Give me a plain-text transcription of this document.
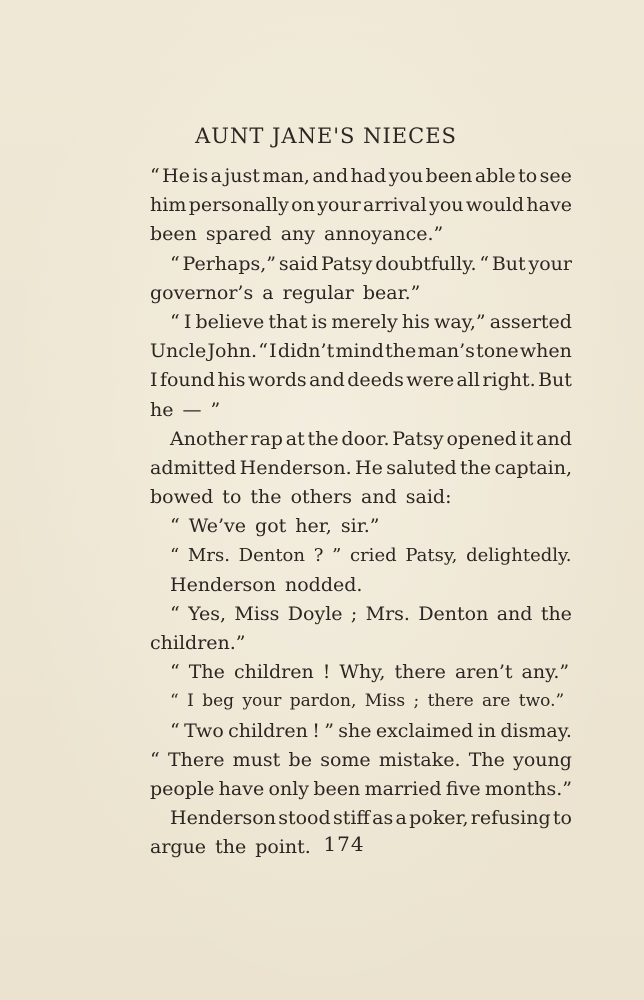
AUNT JANE'S NIECES
“ He is a just man, and had you been able to see
him personally on your arrival you would have
been spared any annoyance.”
“ Perhaps,” said Patsy doubtfully. “ But your
governor’s a regular bear.”
“ I believe that is merely his way,” asserted
Uncle John. “ I didn’t mind the man’s tone when
I found his words and deeds were all right. But
he — ”
Another rap at the door. Patsy opened it and
admitted Henderson. He saluted the captain,
bowed to the others and said:
“ We’ve got her, sir.”
“ Mrs. Denton ? ” cried Patsy, delightedly.
Henderson nodded.
“ Yes, Miss Doyle ; Mrs. Denton and the
children.”
“ The children ! Why, there aren’t any.”
“ I beg your pardon, Miss ; there are two.”
“ Two children ! ” she exclaimed in dismay.
“ There must be some mistake. The young
people have only been married five months.”
Henderson stood stiff as a poker, refusing to
argue the point. 174
